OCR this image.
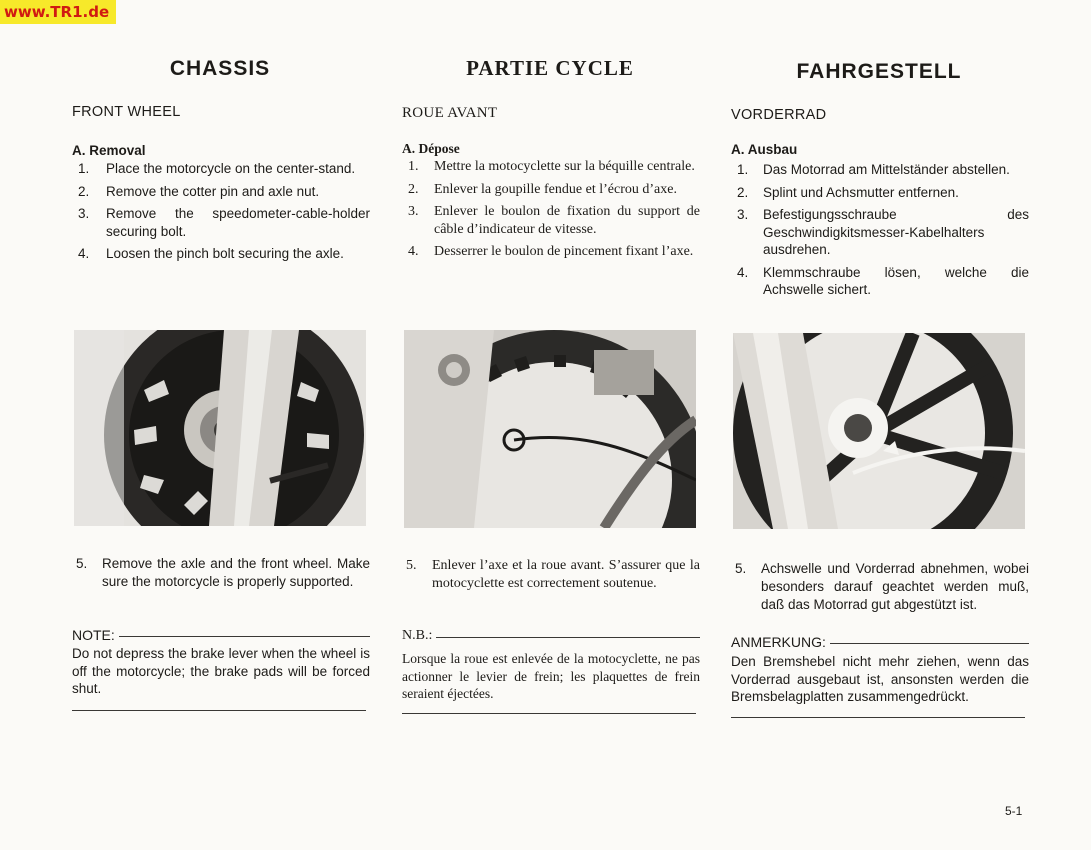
www.TR1.de
CHASSIS
FRONT WHEEL
A. Removal
1. Place the motorcycle on the center-stand.
2. Remove the cotter pin and axle nut.
3. Remove the speedometer-cable-holder securing bolt.
4. Loosen the pinch bolt securing the axle.

5. Remove the axle and the front wheel. Make sure the motorcycle is properly supported.

NOTE:

Do not depress the brake lever when the wheel is off the motorcycle; the brake pads will be forced shut.

PARTIE CYCLE
ROUE AVANT
A. Dépose
1. Mettre la motocyclette sur la béquille centrale.
2. Enlever la goupille fendue et l’écrou d’axe.
3. Enlever le boulon de fixation du support de câble d’indicateur de vitesse.
4. Desserrer le boulon de pincement fixant l’axe.

5. Enlever l’axe et la roue avant. S’assurer que la motocyclette est correctement soutenue.

N.B.:

Lorsque la roue est enlevée de la motocyclette, ne pas actionner le levier de frein; les plaquettes de frein seraient éjectées.

FAHRGESTELL
VORDERRAD
A. Ausbau
1. Das Motorrad am Mittelständer abstellen.
2. Splint und Achsmutter entfernen.
3. Befestigungsschraube des Geschwindigkitsmesser-Kabelhalters ausdrehen.
4. Klemmschraube lösen, welche die Achswelle sichert.

5. Achswelle und Vorderrad abnehmen, wobei besonders darauf geachtet werden muß, daß das Motorrad gut abgestützt ist.

ANMERKUNG:

Den Bremshebel nicht mehr ziehen, wenn das Vorderrad ausgebaut ist, ansonsten werden die Bremsbelagplatten zusammengedrückt.

5-1
